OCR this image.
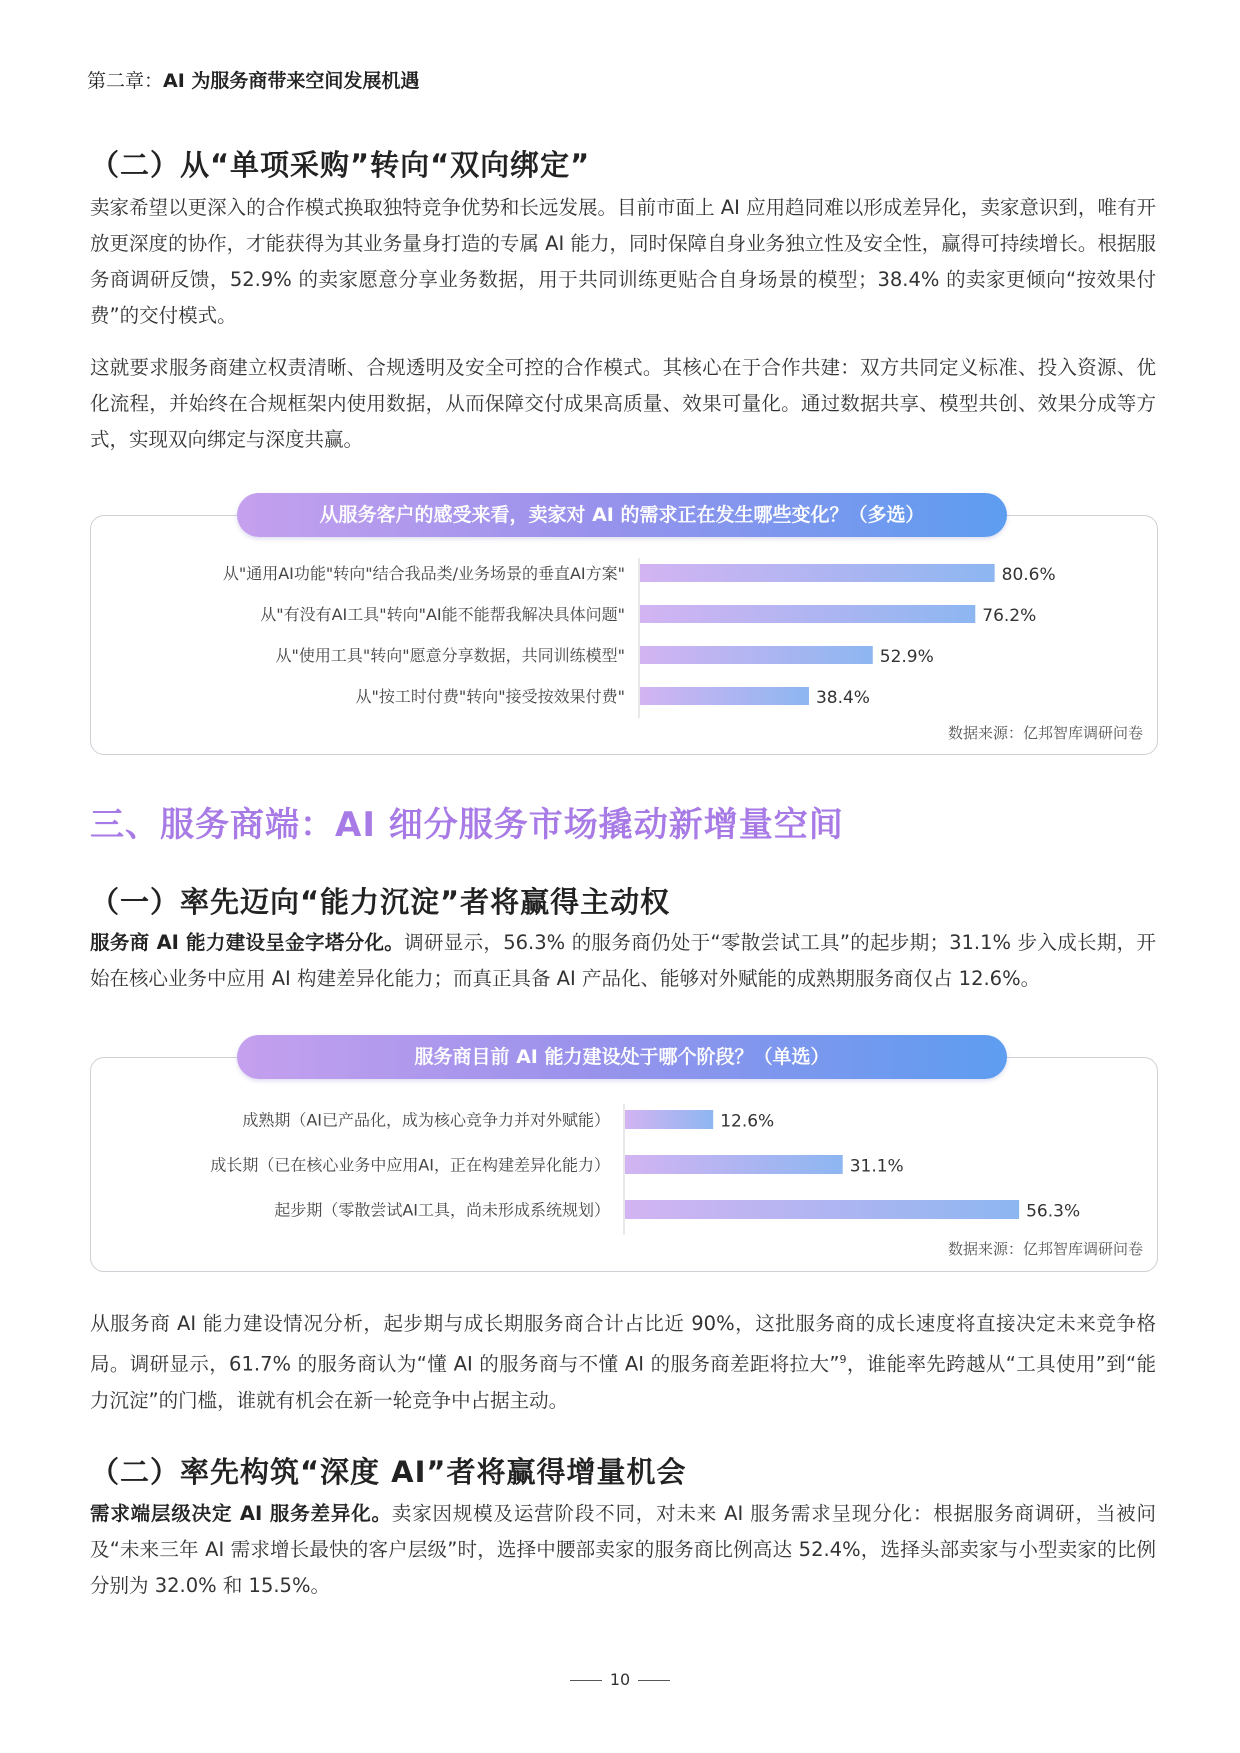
第二章：AI 为服务商带来空间发展机遇
（二）从“单项采购”转向“双向绑定”
卖家希望以更深入的合作模式换取独特竞争优势和长远发展。目前市面上 AI 应用趋同难以形成差异化，卖家意识到，唯有开放更深度的协作，才能获得为其业务量身打造的专属 AI 能力，同时保障自身业务独立性及安全性，赢得可持续增长。根据服务商调研反馈，52.9% 的卖家愿意分享业务数据，用于共同训练更贴合自身场景的模型；38.4% 的卖家更倾向“按效果付费”的交付模式。
这就要求服务商建立权责清晰、合规透明及安全可控的合作模式。其核心在于合作共建：双方共同定义标准、投入资源、优化流程，并始终在合规框架内使用数据，从而保障交付成果高质量、效果可量化。通过数据共享、模型共创、效果分成等方式，实现双向绑定与深度共赢。
从"通用AI功能"转向"结合我品类/业务场景的垂直AI方案"	80.6%
从"有没有AI工具"转向"AI能不能帮我解决具体问题"	76.2%
从"使用工具"转向"愿意分享数据，共同训练模型"	52.9%
从"按工时付费"转向"接受按效果付费"	38.4%
数据来源：亿邦智库调研问卷
从服务客户的感受来看，卖家对 AI 的需求正在发生哪些变化？（多选）
三、服务商端：AI 细分服务市场撬动新增量空间
（一）率先迈向“能力沉淀”者将赢得主动权
服务商 AI 能力建设呈金字塔分化。调研显示，56.3% 的服务商仍处于“零散尝试工具”的起步期；31.1% 步入成长期，开始在核心业务中应用 AI 构建差异化能力；而真正具备 AI 产品化、能够对外赋能的成熟期服务商仅占 12.6%。
成熟期（AI已产品化，成为核心竞争力并对外赋能）	12.6%
成长期（已在核心业务中应用AI，正在构建差异化能力）	31.1%
起步期（零散尝试AI工具，尚未形成系统规划）	56.3%
数据来源：亿邦智库调研问卷
服务商目前 AI 能力建设处于哪个阶段？（单选）
从服务商 AI 能力建设情况分析，起步期与成长期服务商合计占比近 90%，这批服务商的成长速度将直接决定未来竞争格局。调研显示，61.7% 的服务商认为“懂 AI 的服务商与不懂 AI 的服务商差距将拉大”$^9$，谁能率先跨越从“工具使用”到“能力沉淀”的门槛，谁就有机会在新一轮竞争中占据主动。
（二）率先构筑“深度 AI”者将赢得增量机会
需求端层级决定 AI 服务差异化。卖家因规模及运营阶段不同，对未来 AI 服务需求呈现分化：根据服务商调研，当被问及“未来三年 AI 需求增长最快的客户层级”时，选择中腰部卖家的服务商比例高达 52.4%，选择头部卖家与小型卖家的比例分别为 32.0% 和 15.5%。
10
